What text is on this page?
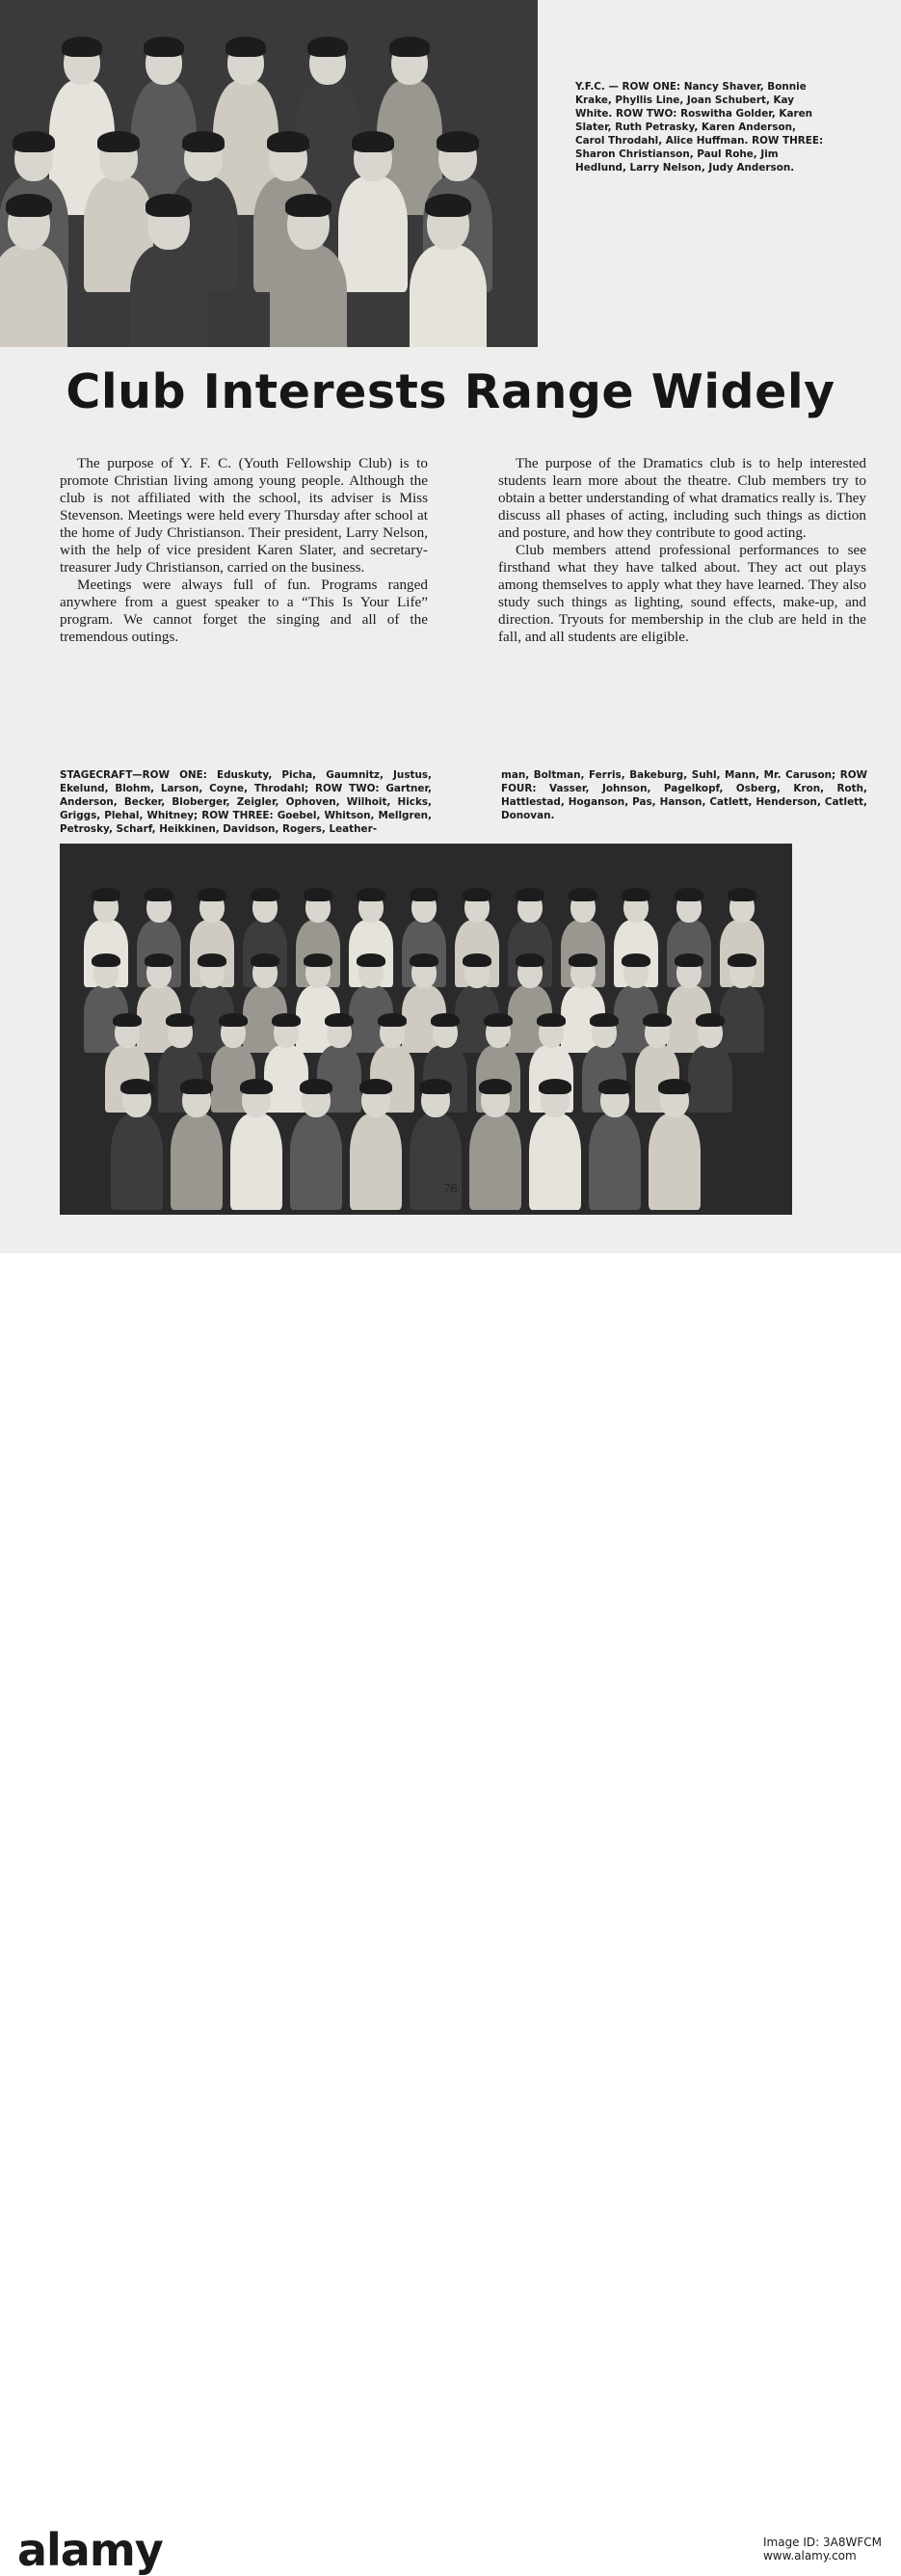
Y.F.C. — ROW ONE: Nancy Shaver, Bonnie Krake, Phyllis Line, Joan Schubert, Kay White. ROW TWO: Roswitha Golder, Karen Slater, Ruth Petrasky, Karen Anderson, Carol Throdahl, Alice Huffman. ROW THREE: Sharon Christianson, Paul Rohe, Jim Hedlund, Larry Nelson, Judy Anderson.
Club Interests Range Widely

The purpose of Y. F. C. (Youth Fellowship Club) is to promote Christian living among young people. Although the club is not affiliated with the school, its adviser is Miss Stevenson. Meetings were held every Thursday after school at the home of Judy Christianson. Their president, Larry Nelson, with the help of vice president Karen Slater, and secretary-treasurer Judy Christianson, carried on the business.

Meetings were always full of fun. Programs ranged anywhere from a guest speaker to a “This Is Your Life” program. We cannot forget the singing and all of the tremendous outings.

The purpose of the Dramatics club is to help interested students learn more about the theatre. Club members try to obtain a better understanding of what dramatics really is. They discuss all phases of acting, including such things as diction and posture, and how they contribute to good acting.

Club members attend professional performances to see firsthand what they have talked about. They act out plays among themselves to apply what they have learned. They also study such things as lighting, sound effects, make-up, and direction. Tryouts for membership in the club are held in the fall, and all students are eligible.

STAGECRAFT—ROW ONE: Eduskuty, Picha, Gaumnitz, Justus, Ekelund, Blohm, Larson, Coyne, Throdahl; ROW TWO: Gartner, Anderson, Becker, Bloberger, Zeigler, Ophoven, Wilhoit, Hicks, Griggs, Plehal, Whitney; ROW THREE: Goebel, Whitson, Mellgren, Petrosky, Scharf, Heikkinen, Davidson, Rogers, Leather-
man, Boltman, Ferris, Bakeburg, Suhl, Mann, Mr. Caruson; ROW FOUR: Vasser, Johnson, Pagelkopf, Osberg, Kron, Roth, Hattlestad, Hoganson, Pas, Hanson, Catlett, Henderson, Catlett, Donovan.
76
alamy	Image ID: 3A8WFCM
www.alamy.com
